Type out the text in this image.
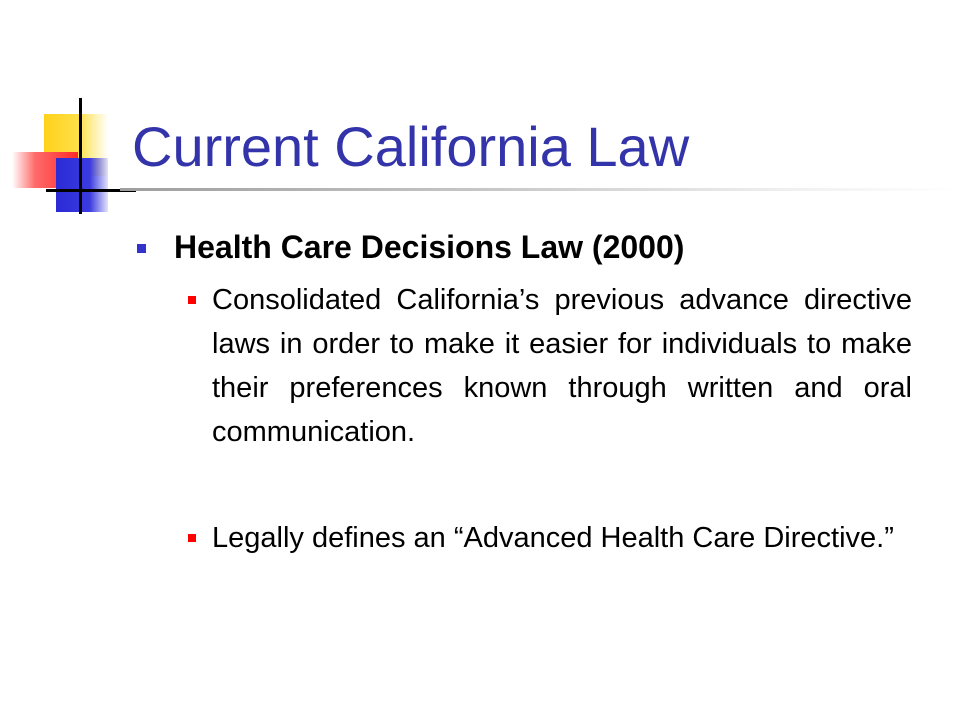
Current California Law
Health Care Decisions Law (2000)
Consolidated California’s previous advance directive laws in order to make it easier for individuals to make their preferences known through written and oral communication.
Legally defines an “Advanced Health Care Directive.”
